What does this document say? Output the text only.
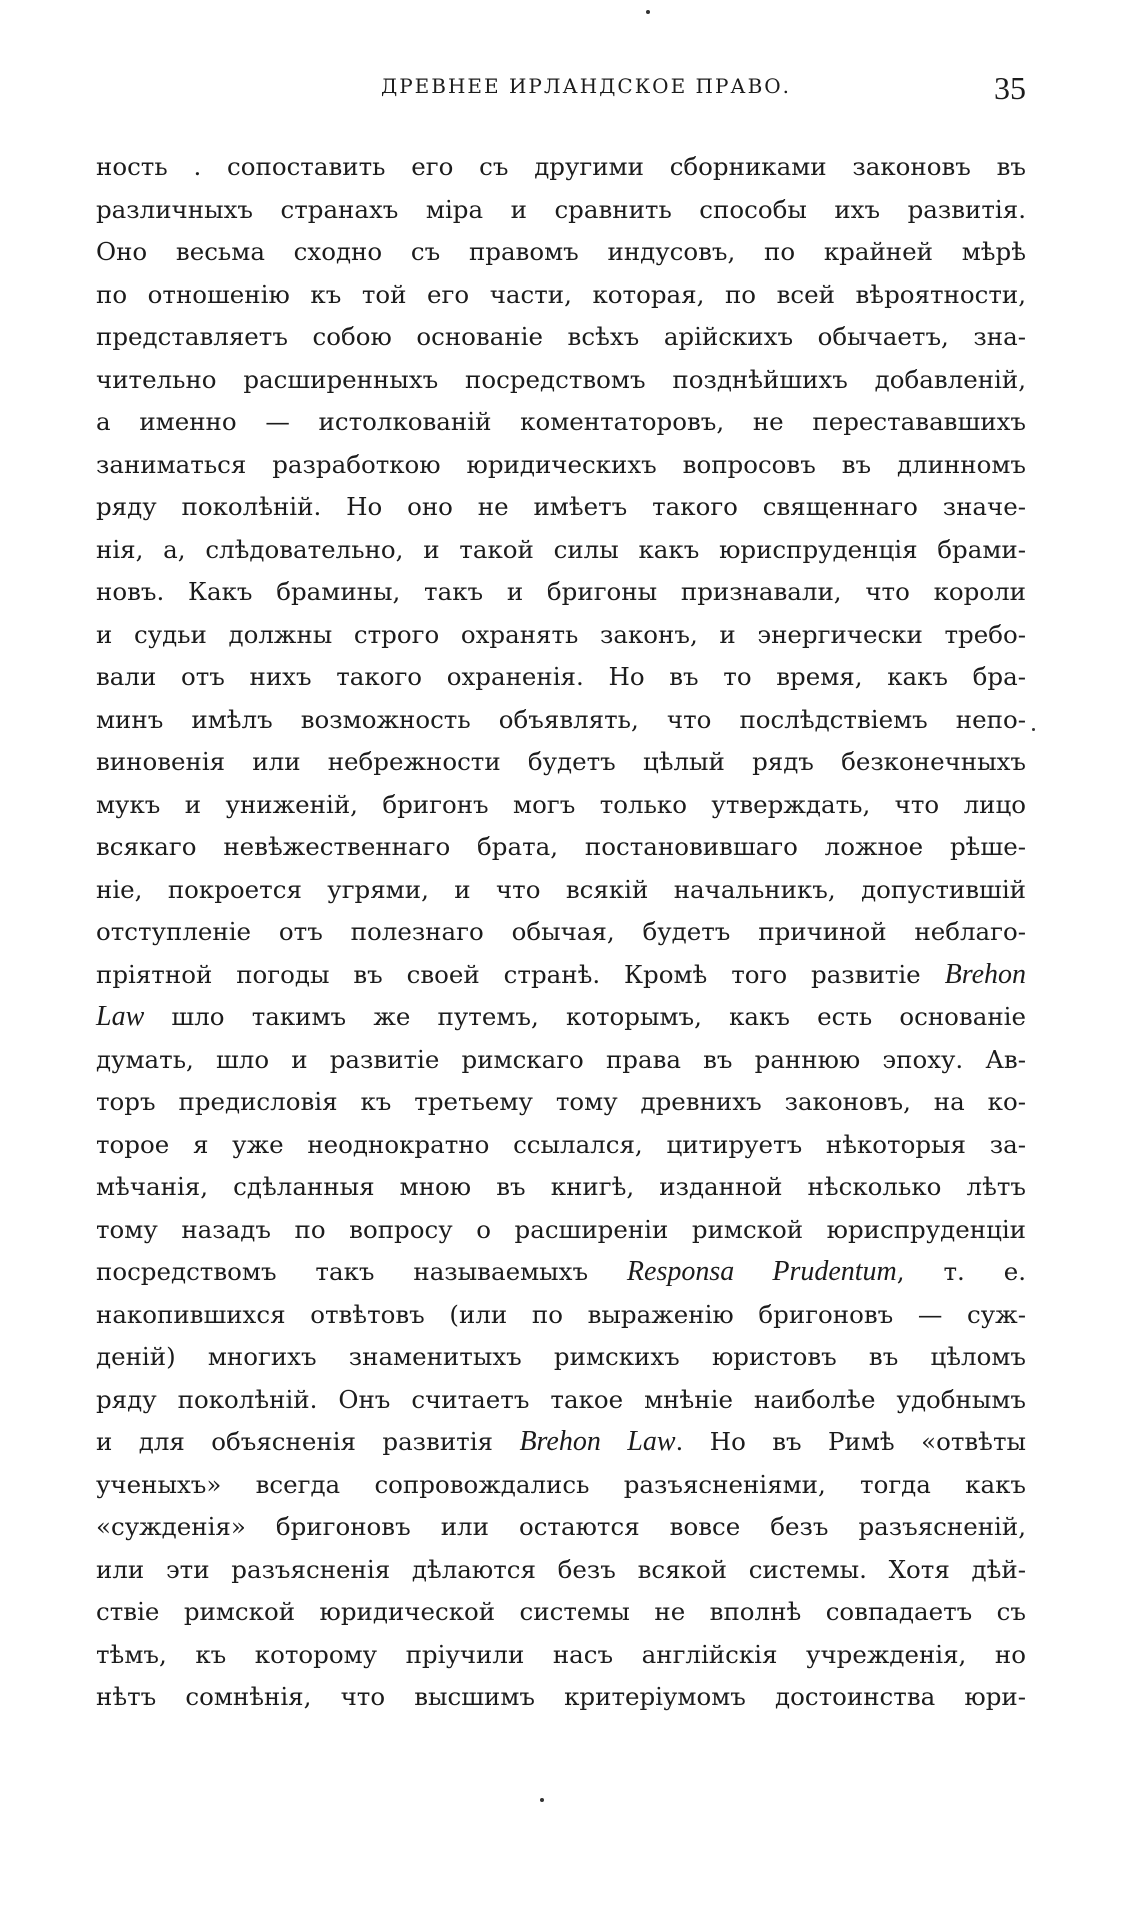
ДРЕВНЕЕ ИРЛАНДСКОЕ ПРАВО.	35
ность . сопоставить его съ другими сборниками законовъ въ
различныхъ странахъ міра и сравнить способы ихъ развитія.
Оно весьма сходно съ правомъ индусовъ, по крайней мѣрѣ
по отношенію къ той его части, которая, по всей вѣроятности,
представляетъ собою основаніе всѣхъ арійскихъ обычаетъ, зна-
чительно расширенныхъ посредствомъ позднѣйшихъ добавленій,
а именно — истолкованій коментаторовъ, не перестававшихъ
заниматься разработкою юридическихъ вопросовъ въ длинномъ
ряду поколѣній. Но оно не имѣетъ такого священнаго значе-
нія, а, слѣдовательно, и такой силы какъ юриспруденція брами-
новъ. Какъ брамины, такъ и бригоны признавали, что короли
и судьи должны строго охранять законъ, и энергически требо-
вали отъ нихъ такого охраненія. Но въ то время, какъ бра-
минъ имѣлъ возможность объявлять, что послѣдствіемъ непо-
виновенія или небрежности будетъ цѣлый рядъ безконечныхъ
мукъ и униженій, бригонъ могъ только утверждать, что лицо
всякаго невѣжественнаго брата, постановившаго ложное рѣше-
ніе, покроется угрями, и что всякій начальникъ, допустившій
отступленіе отъ полезнаго обычая, будетъ причиной неблаго-
пріятной погоды въ своей странѣ. Кромѣ того развитіе Brehon
Law шло такимъ же путемъ, которымъ, какъ есть основаніе
думать, шло и развитіе римскаго права въ раннюю эпоху. Ав-
торъ предисловія къ третьему тому древнихъ законовъ, на ко-
торое я уже неоднократно ссылался, цитируетъ нѣкоторыя за-
мѣчанія, сдѣланныя мною въ книгѣ, изданной нѣсколько лѣтъ
тому назадъ по вопросу о расширеніи римской юриспруденціи
посредствомъ такъ называемыхъ Responsa Prudentum, т. е.
накопившихся отвѣтовъ (или по выраженію бригоновъ — суж-
деній) многихъ знаменитыхъ римскихъ юристовъ въ цѣломъ
ряду поколѣній. Онъ считаетъ такое мнѣніе наиболѣе удобнымъ
и для объясненія развитія Brehon Law. Но въ Римѣ «отвѣты
ученыхъ» всегда сопровождались разъясненіями, тогда какъ
«сужденія» бригоновъ или остаются вовсе безъ разъясненій,
или эти разъясненія дѣлаются безъ всякой системы. Хотя дѣй-
ствіе римской юридической системы не вполнѣ совпадаетъ съ
тѣмъ, къ которому пріучили насъ англійскія учрежденія, но
нѣтъ сомнѣнія, что высшимъ критеріумомъ достоинства юри-
